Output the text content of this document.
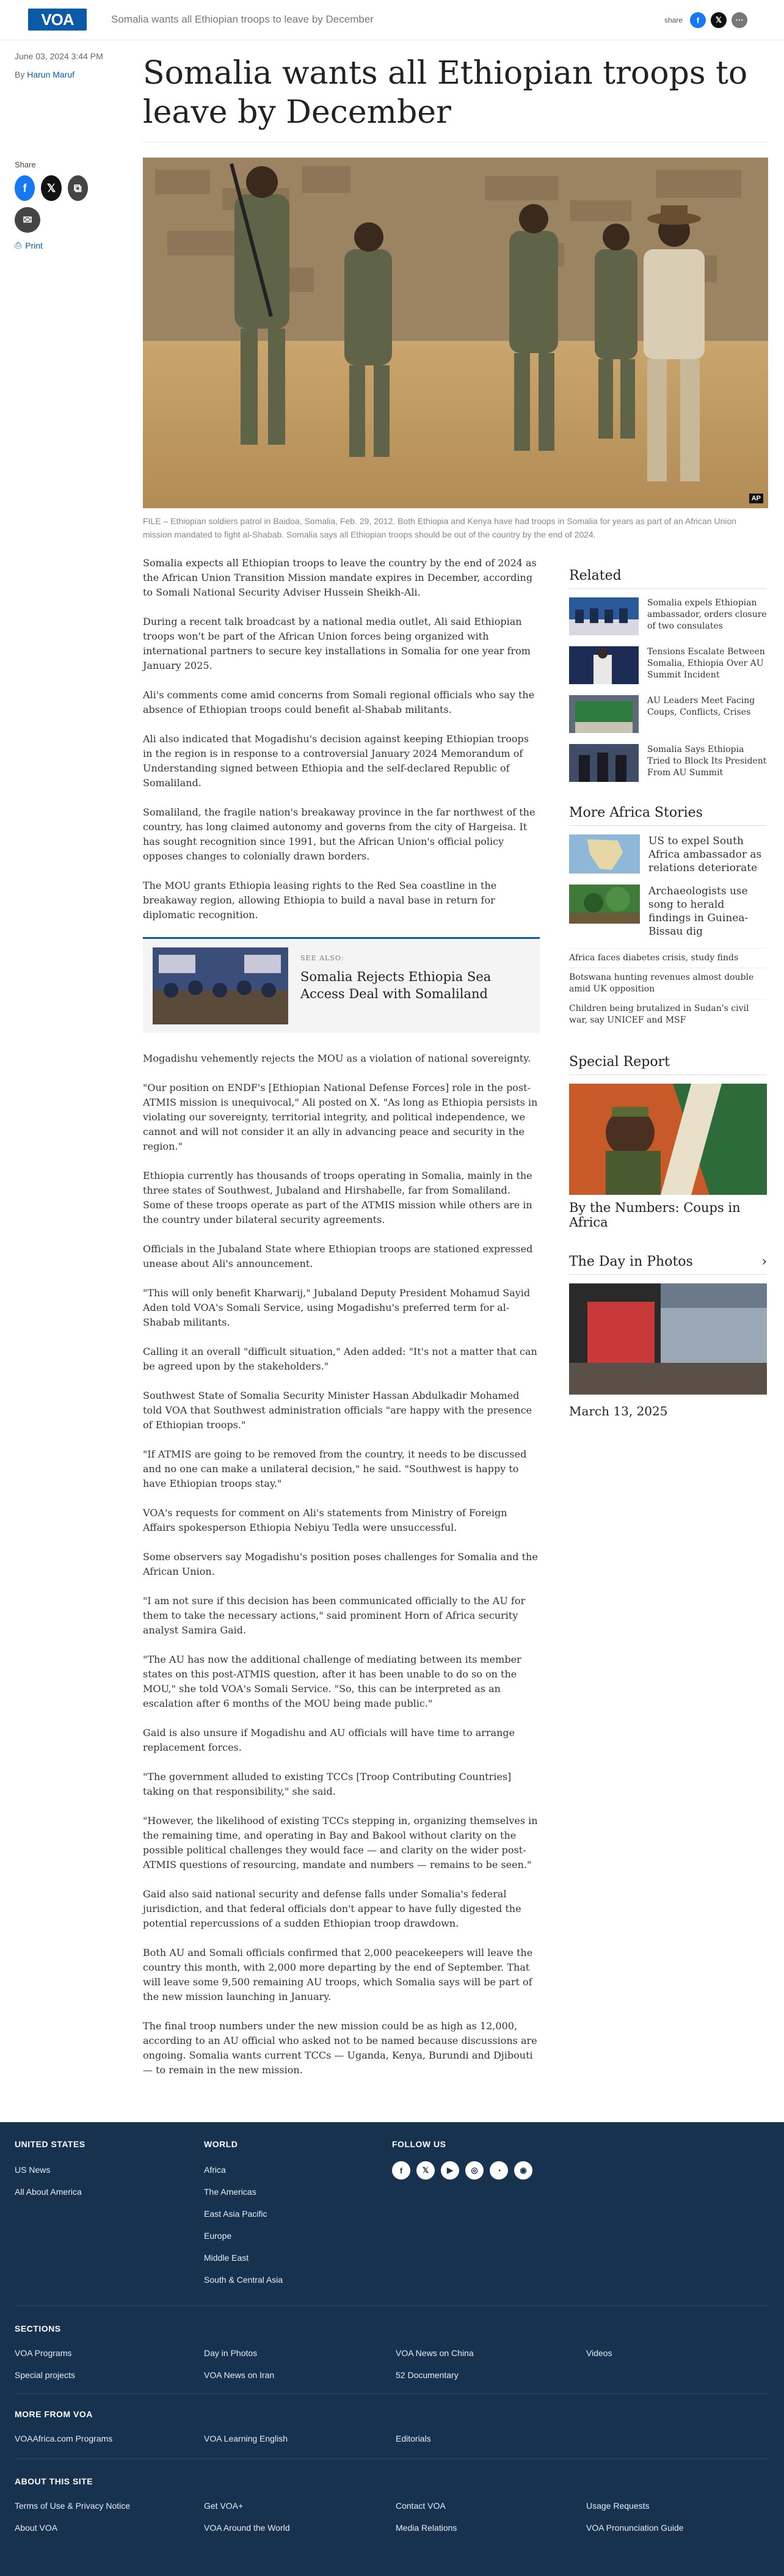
VOA	Somalia wants all Ethiopian troops to leave by December	share	f	𝕏	⋯
June 03, 2024 3:44 PM
By Harun Maruf	Somalia wants all Ethiopian troops to leave by December
Share
f	𝕏	⧉
✉
⎙ Print
AP
FILE – Ethiopian soldiers patrol in Baidoa, Somalia, Feb. 29, 2012. Both Ethiopia and Kenya have had troops in Somalia for years as part of an African Union mission mandated to fight al-Shabab. Somalia says all Ethiopian troops should be out of the country by the end of 2024.

Somalia expects all Ethiopian troops to leave the country by the end of 2024 as the African Union Transition Mission mandate expires in December, according to Somali National Security Adviser Hussein Sheikh-Ali.

During a recent talk broadcast by a national media outlet, Ali said Ethiopian troops won't be part of the African Union forces being organized with international partners to secure key installations in Somalia for one year from January 2025.

Ali's comments come amid concerns from Somali regional officials who say the absence of Ethiopian troops could benefit al-Shabab militants.

Ali also indicated that Mogadishu's decision against keeping Ethiopian troops in the region is in response to a controversial January 2024 Memorandum of Understanding signed between Ethiopia and the self-declared Republic of Somaliland.

Somaliland, the fragile nation's breakaway province in the far northwest of the country, has long claimed autonomy and governs from the city of Hargeisa. It has sought recognition since 1991, but the African Union's official policy opposes changes to colonially drawn borders.

The MOU grants Ethiopia leasing rights to the Red Sea coastline in the breakaway region, allowing Ethiopia to build a naval base in return for diplomatic recognition.

SEE ALSO:
Somalia Rejects Ethiopia Sea Access Deal with Somaliland

Mogadishu vehemently rejects the MOU as a violation of national sovereignty.

"Our position on ENDF's [Ethiopian National Defense Forces] role in the post-ATMIS mission is unequivocal," Ali posted on X. "As long as Ethiopia persists in violating our sovereignty, territorial integrity, and political independence, we cannot and will not consider it an ally in advancing peace and security in the region."

Ethiopia currently has thousands of troops operating in Somalia, mainly in the three states of Southwest, Jubaland and Hirshabelle, far from Somaliland. Some of these troops operate as part of the ATMIS mission while others are in the country under bilateral security agreements.

Officials in the Jubaland State where Ethiopian troops are stationed expressed unease about Ali's announcement.

"This will only benefit Kharwarij," Jubaland Deputy President Mohamud Sayid Aden told VOA's Somali Service, using Mogadishu's preferred term for al-Shabab militants.

Calling it an overall "difficult situation," Aden added: "It's not a matter that can be agreed upon by the stakeholders."

Southwest State of Somalia Security Minister Hassan Abdulkadir Mohamed told VOA that Southwest administration officials "are happy with the presence of Ethiopian troops."

"If ATMIS are going to be removed from the country, it needs to be discussed and no one can make a unilateral decision," he said. "Southwest is happy to have Ethiopian troops stay."

VOA's requests for comment on Ali's statements from Ministry of Foreign Affairs spokesperson Ethiopia Nebiyu Tedla were unsuccessful.

Some observers say Mogadishu's position poses challenges for Somalia and the African Union.

"I am not sure if this decision has been communicated officially to the AU for them to take the necessary actions," said prominent Horn of Africa security analyst Samira Gaid.

"The AU has now the additional challenge of mediating between its member states on this post-ATMIS question, after it has been unable to do so on the MOU," she told VOA's Somali Service. "So, this can be interpreted as an escalation after 6 months of the MOU being made public."

Gaid is also unsure if Mogadishu and AU officials will have time to arrange replacement forces.

"The government alluded to existing TCCs [Troop Contributing Countries] taking on that responsibility," she said.

"However, the likelihood of existing TCCs stepping in, organizing themselves in the remaining time, and operating in Bay and Bakool without clarity on the possible political challenges they would face — and clarity on the wider post-ATMIS questions of resourcing, mandate and numbers — remains to be seen."

Gaid also said national security and defense falls under Somalia's federal jurisdiction, and that federal officials don't appear to have fully digested the potential repercussions of a sudden Ethiopian troop drawdown.

Both AU and Somali officials confirmed that 2,000 peacekeepers will leave the country this month, with 2,000 more departing by the end of September. That will leave some 9,500 remaining AU troops, which Somalia says will be part of the new mission launching in January.

The final troop numbers under the new mission could be as high as 12,000, according to an AU official who asked not to be named because discussions are ongoing. Somalia wants current TCCs — Uganda, Kenya, Burundi and Djibouti — to remain in the new mission.

Related
Somalia expels Ethiopian ambassador, orders closure of two consulates
Tensions Escalate Between Somalia, Ethiopia Over AU Summit Incident
AU Leaders Meet Facing Coups, Conflicts, Crises
Somalia Says Ethiopia Tried to Block Its President From AU Summit
More Africa Stories
US to expel South Africa ambassador as relations deteriorate
Archaeologists use song to herald findings in Guinea-Bissau dig
Africa faces diabetes crisis, study finds
Botswana hunting revenues almost double amid UK opposition
Children being brutalized in Sudan's civil war, say UNICEF and MSF
Special Report
By the Numbers: Coups in Africa
The Day in Photos	›
March 13, 2025
UNITED STATES
US News
All About America
WORLD
Africa
The Americas
East Asia Pacific
Europe
Middle East
South & Central Asia
FOLLOW US
f	𝕏	▶	◎	◔	◉
SECTIONS
VOA Programs	Day in Photos	VOA News on China	Videos
Special projects	VOA News on Iran	52 Documentary
MORE FROM VOA
VOAAfrica.com Programs	VOA Learning English	Editorials
ABOUT THIS SITE
Terms of Use & Privacy Notice	Get VOA+	Contact VOA	Usage Requests
About VOA	VOA Around the World	Media Relations	VOA Pronunciation Guide
